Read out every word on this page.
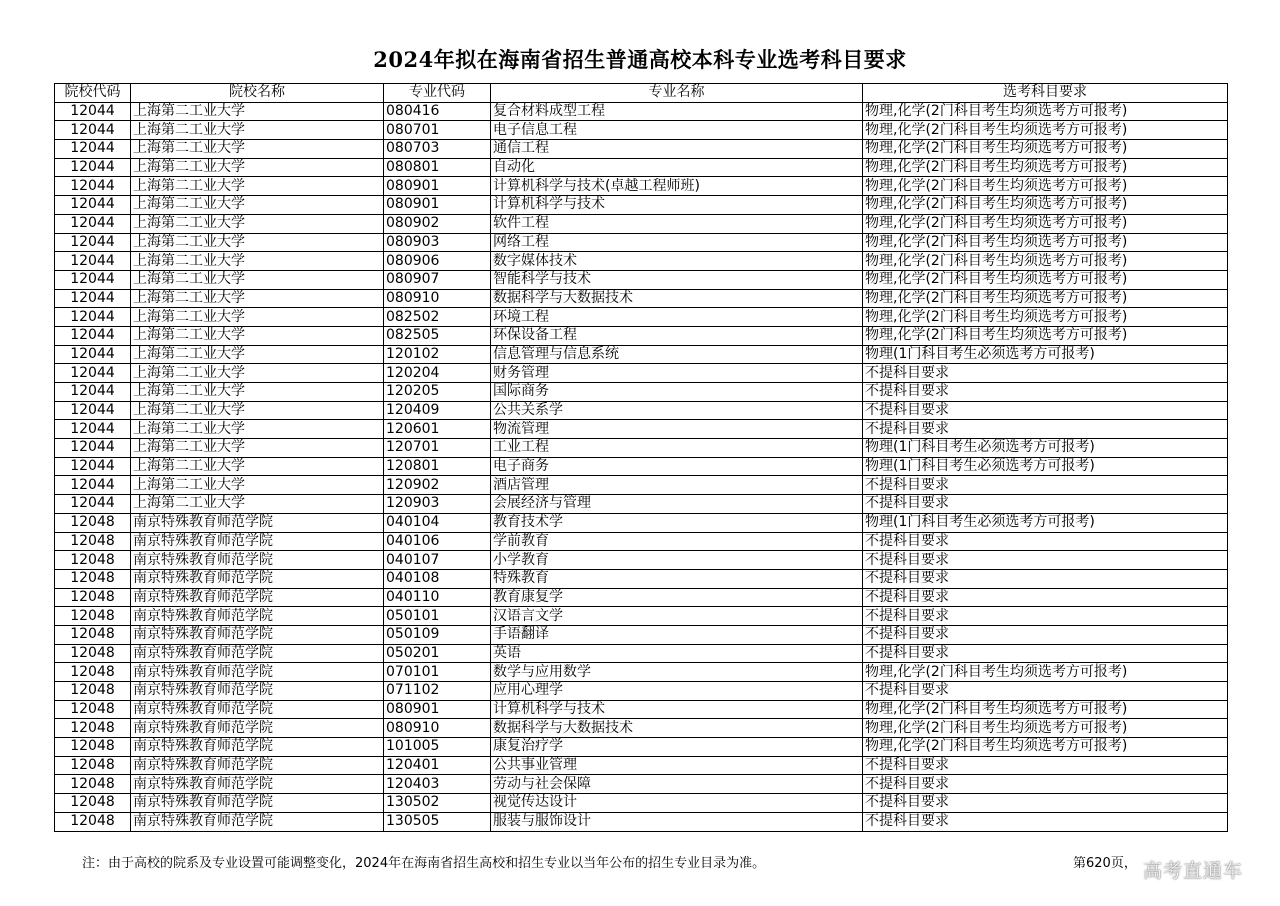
2024年拟在海南省招生普通高校本科专业选考科目要求
院校代码	院校名称	专业代码	专业名称	选考科目要求
12044	上海第二工业大学	080416	复合材料成型工程	物理,化学(2门科目考生均须选考方可报考)
12044	上海第二工业大学	080701	电子信息工程	物理,化学(2门科目考生均须选考方可报考)
12044	上海第二工业大学	080703	通信工程	物理,化学(2门科目考生均须选考方可报考)
12044	上海第二工业大学	080801	自动化	物理,化学(2门科目考生均须选考方可报考)
12044	上海第二工业大学	080901	计算机科学与技术(卓越工程师班)	物理,化学(2门科目考生均须选考方可报考)
12044	上海第二工业大学	080901	计算机科学与技术	物理,化学(2门科目考生均须选考方可报考)
12044	上海第二工业大学	080902	软件工程	物理,化学(2门科目考生均须选考方可报考)
12044	上海第二工业大学	080903	网络工程	物理,化学(2门科目考生均须选考方可报考)
12044	上海第二工业大学	080906	数字媒体技术	物理,化学(2门科目考生均须选考方可报考)
12044	上海第二工业大学	080907	智能科学与技术	物理,化学(2门科目考生均须选考方可报考)
12044	上海第二工业大学	080910	数据科学与大数据技术	物理,化学(2门科目考生均须选考方可报考)
12044	上海第二工业大学	082502	环境工程	物理,化学(2门科目考生均须选考方可报考)
12044	上海第二工业大学	082505	环保设备工程	物理,化学(2门科目考生均须选考方可报考)
12044	上海第二工业大学	120102	信息管理与信息系统	物理(1门科目考生必须选考方可报考)
12044	上海第二工业大学	120204	财务管理	不提科目要求
12044	上海第二工业大学	120205	国际商务	不提科目要求
12044	上海第二工业大学	120409	公共关系学	不提科目要求
12044	上海第二工业大学	120601	物流管理	不提科目要求
12044	上海第二工业大学	120701	工业工程	物理(1门科目考生必须选考方可报考)
12044	上海第二工业大学	120801	电子商务	物理(1门科目考生必须选考方可报考)
12044	上海第二工业大学	120902	酒店管理	不提科目要求
12044	上海第二工业大学	120903	会展经济与管理	不提科目要求
12048	南京特殊教育师范学院	040104	教育技术学	物理(1门科目考生必须选考方可报考)
12048	南京特殊教育师范学院	040106	学前教育	不提科目要求
12048	南京特殊教育师范学院	040107	小学教育	不提科目要求
12048	南京特殊教育师范学院	040108	特殊教育	不提科目要求
12048	南京特殊教育师范学院	040110	教育康复学	不提科目要求
12048	南京特殊教育师范学院	050101	汉语言文学	不提科目要求
12048	南京特殊教育师范学院	050109	手语翻译	不提科目要求
12048	南京特殊教育师范学院	050201	英语	不提科目要求
12048	南京特殊教育师范学院	070101	数学与应用数学	物理,化学(2门科目考生均须选考方可报考)
12048	南京特殊教育师范学院	071102	应用心理学	不提科目要求
12048	南京特殊教育师范学院	080901	计算机科学与技术	物理,化学(2门科目考生均须选考方可报考)
12048	南京特殊教育师范学院	080910	数据科学与大数据技术	物理,化学(2门科目考生均须选考方可报考)
12048	南京特殊教育师范学院	101005	康复治疗学	物理,化学(2门科目考生均须选考方可报考)
12048	南京特殊教育师范学院	120401	公共事业管理	不提科目要求
12048	南京特殊教育师范学院	120403	劳动与社会保障	不提科目要求
12048	南京特殊教育师范学院	130502	视觉传达设计	不提科目要求
12048	南京特殊教育师范学院	130505	服装与服饰设计	不提科目要求
注：由于高校的院系及专业设置可能调整变化，2024年在海南省招生高校和招生专业以当年公布的招生专业目录为准。	第620页， 高考直通车
